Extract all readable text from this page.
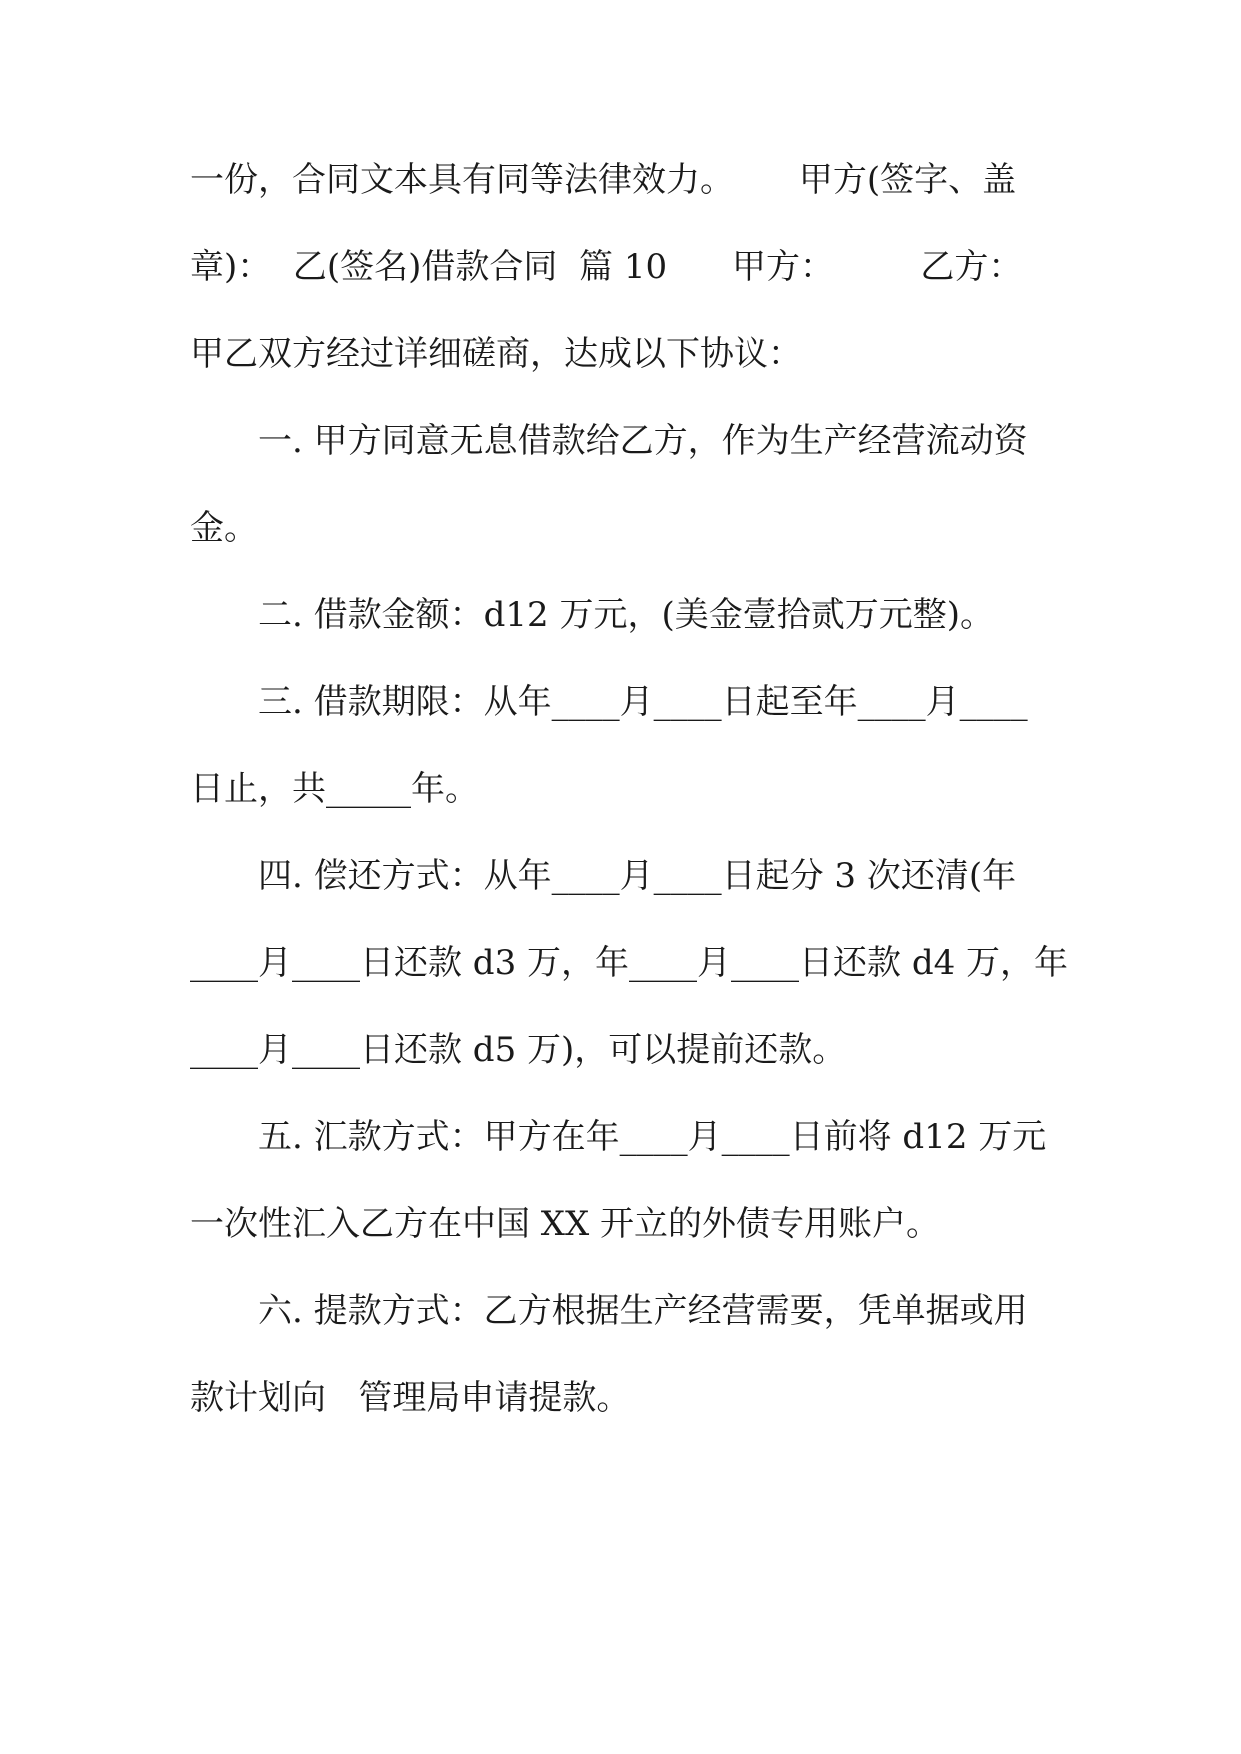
一份，合同文本具有同等法律效力。      甲方(签字、盖
章)：  乙(签名)借款合同  篇 10      甲方：        乙方：
甲乙双方经过详细磋商，达成以下协议：
一. 甲方同意无息借款给乙方，作为生产经营流动资
金。
二. 借款金额：d12 万元，(美金壹拾贰万元整)。
三. 借款期限：从年____月____日起至年____月____
日止，共_____年。
四. 偿还方式：从年____月____日起分 3 次还清(年
____月____日还款 d3 万，年____月____日还款 d4 万，年
____月____日还款 d5 万)，可以提前还款。
五. 汇款方式：甲方在年____月____日前将 d12 万元
一次性汇入乙方在中国 XX 开立的外债专用账户。
六. 提款方式：乙方根据生产经营需要，凭单据或用
款计划向   管理局申请提款。
